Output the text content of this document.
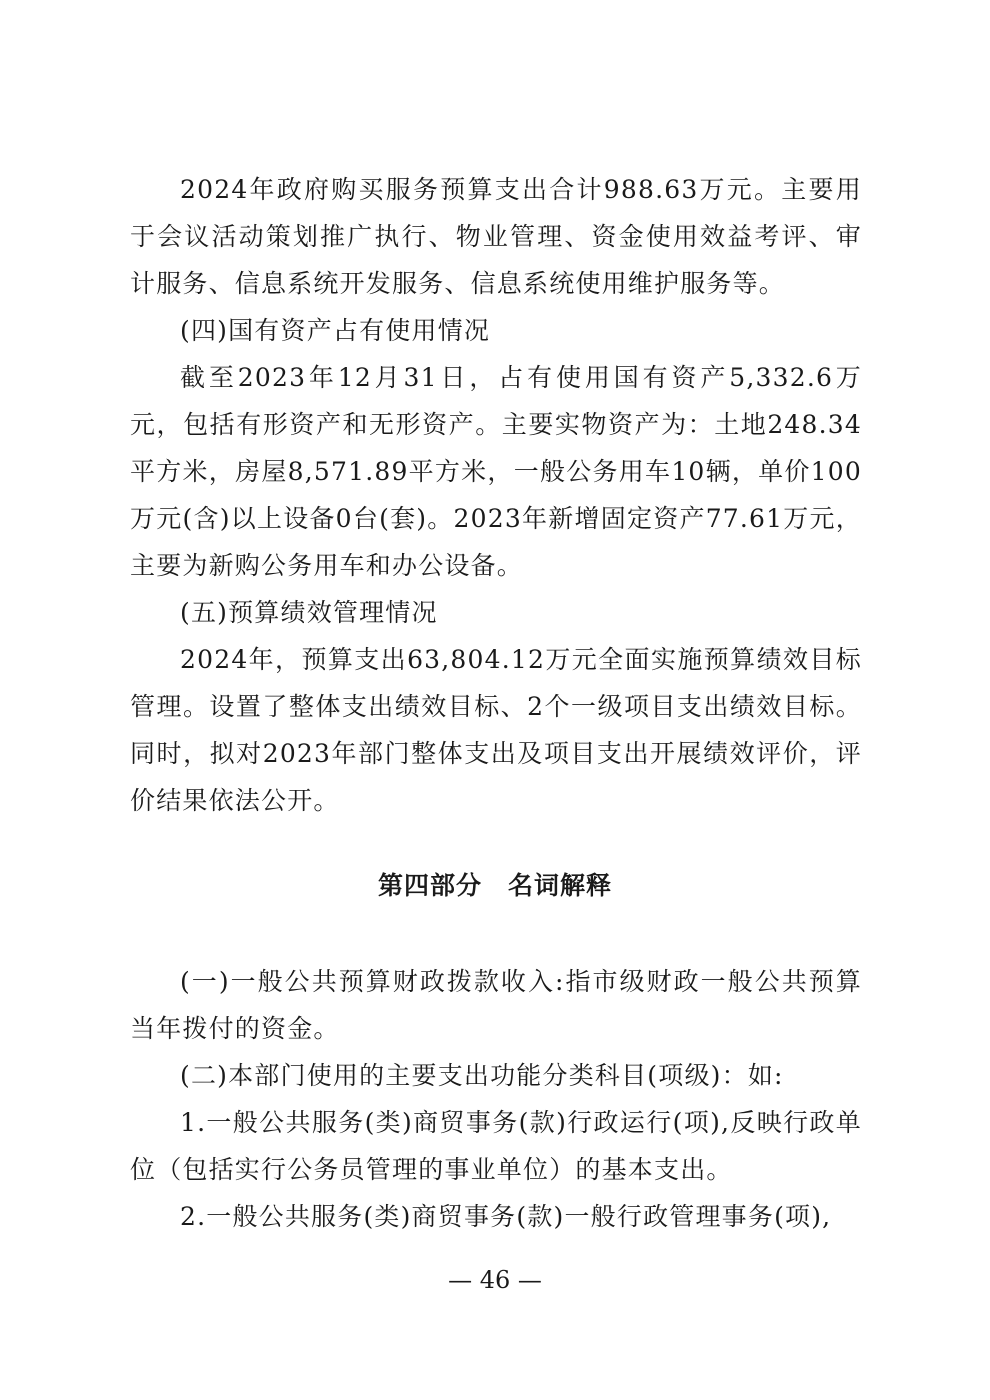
2024年政府购买服务预算支出合计988.63万元。主要用于会议活动策划推广执行、物业管理、资金使用效益考评、审计服务、信息系统开发服务、信息系统使用维护服务等。

(四)国有资产占有使用情况

截至2023年12月31日，占有使用国有资产5,332.6万元，包括有形资产和无形资产。主要实物资产为：土地248.34平方米，房屋8,571.89平方米，一般公务用车10辆，单价100万元(含)以上设备0台(套)。2023年新增固定资产77.61万元，主要为新购公务用车和办公设备。

(五)预算绩效管理情况

2024年，预算支出63,804.12万元全面实施预算绩效目标管理。设置了整体支出绩效目标、2个一级项目支出绩效目标。同时，拟对2023年部门整体支出及项目支出开展绩效评价，评价结果依法公开。

第四部分　名词解释

(一)一般公共预算财政拨款收入:指市级财政一般公共预算当年拨付的资金。

(二)本部门使用的主要支出功能分类科目(项级)：如:

1.一般公共服务(类)商贸事务(款)行政运行(项),反映行政单位（包括实行公务员管理的事业单位）的基本支出。

2.一般公共服务(类)商贸事务(款)一般行政管理事务(项),

— 46 —
